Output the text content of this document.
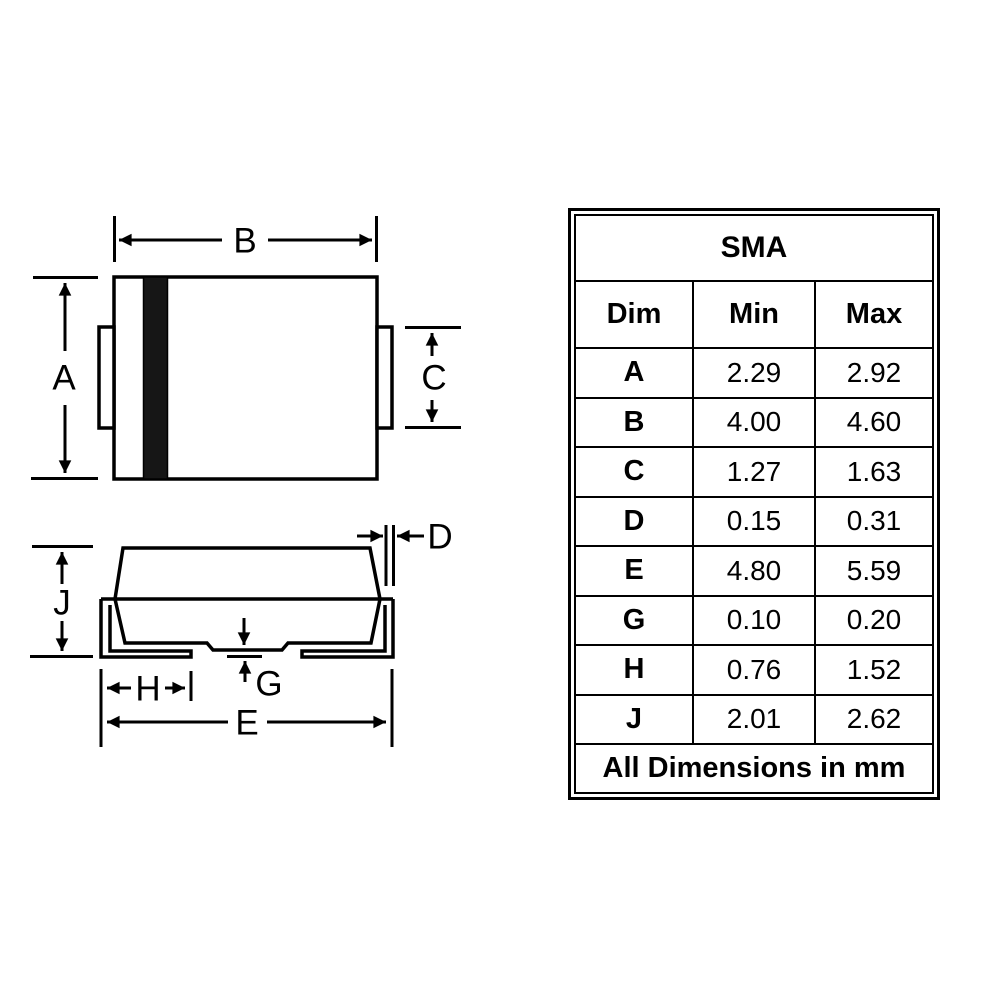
B
A	C
J
D
G
H
E
SMA
Dim	Min	Max
A	2.29	2.92
B	4.00	4.60
C	1.27	1.63
D	0.15	0.31
E	4.80	5.59
G	0.10	0.20
H	0.76	1.52
J	2.01	2.62
All Dimensions in mm
